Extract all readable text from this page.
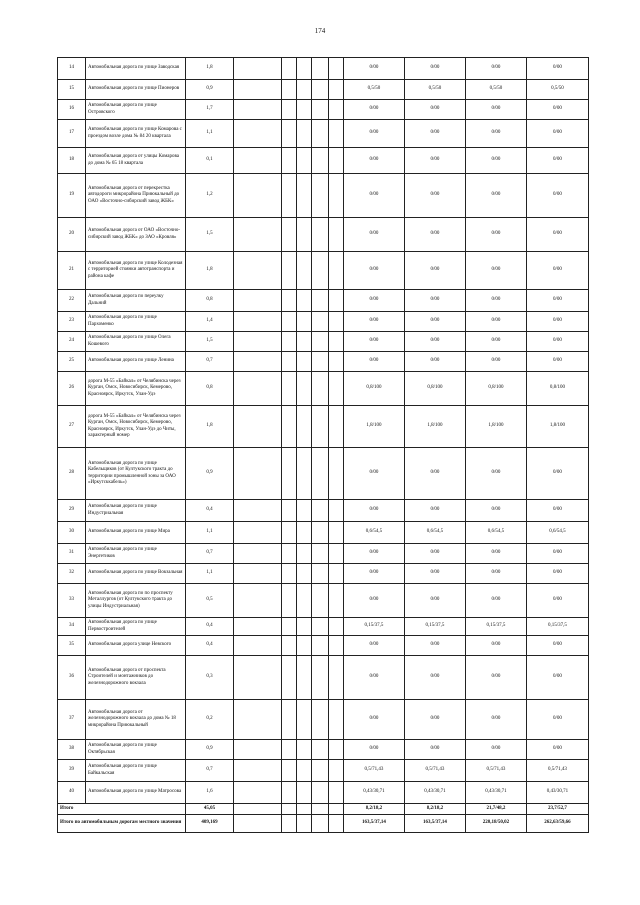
174
14	Автомобильная дорога по улице Заводская	1,8						0/00	0/00	0/00	0/00
15	Автомобильная дорога по улице Пионеров	0,9						0,5/50	0,5/50	0,5/50	0,5/50
16	Автомобильная дорога по улице Островского	1,7						0/00	0/00	0/00	0/00
17	Автомобильная дорога по улице Комарова с проездом возле дома № 84 20 квартала	1,1						0/00	0/00	0/00	0/00
18	Автомобильная дорога от улицы Комарова до дома № 65 18 квартала	0,1						0/00	0/00	0/00	0/00
19	Автомобильная дорога от перекрестка автодороги микрорайона Приюкальный до ОАО «Восточно-сибирский завод ЖБК»	1,2						0/00	0/00	0/00	0/00
20	Автомобильная дорога от ОАО «Восточно-сибирский завод ЖБК» до ЗАО «Кровля»	1,5						0/00	0/00	0/00	0/00
21	Автомобильная дорога по улице Колодезная с территорией стоянки автотранспорта и района кафе	1,8						0/00	0/00	0/00	0/00
22	Автомобильная дорога по переулку Дальний	0,8						0/00	0/00	0/00	0/00
23	Автомобильная дорога по улице Пархоменко	1,4						0/00	0/00	0/00	0/00
24	Автомобильная дорога по улице Олега Кошевого	1,5						0/00	0/00	0/00	0/00
25	Автомобильная дорога по улице Ленина	0,7						0/00	0/00	0/00	0/00
26	дорога М-55 «Байкал» от Челябинска через Курган, Омск, Новосибирск, Кемерово, Красноярск, Иркутск, Улан-Удэ	0,8						0,8/100	0,8/100	0,8/100	0,8/100
27	дорога М-55 «Байкал» от Челябинска через Курган, Омск, Новосибирск, Кемерово, Красноярск, Иркутск, Улан-Удэ до Читы, характерный номер	1,8						1,8/100	1,8/100	1,8/100	1,8/100
28	Автомобильная дорога по улице Кабельщиков (от Култукского тракта до территории промышленной зоны за ОАО «Иркутсккабель»)	0,9						0/00	0/00	0/00	0/00
29	Автомобильная дорога по улице Индустриальная	0,4						0/00	0/00	0/00	0/00
30	Автомобильная дорога по улице Мира	1,1						0,6/54,5	0,6/54,5	0,6/54,5	0,6/54,5
31	Автомобильная дорога по улице Энергетиков	0,7						0/00	0/00	0/00	0/00
32	Автомобильная дорога по улице Вокзальная	1,1						0/00	0/00	0/00	0/00
33	Автомобильная дорога по по проспекту Металлургов (от Култукского тракта до улицы Индустриальная)	0,5						0/00	0/00	0/00	0/00
34	Автомобильная дорога по улице Первостроителей	0,4						0,15/37,5	0,15/37,5	0,15/37,5	0,15/37,5
35	Автомобильная дорога улице Невского	0,4						0/00	0/00	0/00	0/00
36	Автомобильная дорога от проспекта Строителей и монтажников до железнодорожного вокзала	0,3						0/00	0/00	0/00	0/00
37	Автомобильная дорога от железнодорожного вокзала до дома № 18 микрорайона Приюкальный	0,2						0/00	0/00	0/00	0/00
38	Автомобильная дорога по улице Октябрьская	0,9						0/00	0/00	0/00	0/00
39	Автомобильная дорога по улице Байкальская	0,7						0,5/71,43	0,5/71,43	0,5/71,43	0,5/71,43
40	Автомобильная дорога по улице Матросова	1,6						0,43/30,71	0,43/30,71	0,43/30,71	0,43/30,71
Итого		45,05						8,2/18,2	8,2/18,2	21,7/48,2	23,7/52,7
Итого по автомобильным дорогам местного значения		409,169						163,5/37,14	163,5/37,14	220,18/50,02	262,63/59,66
